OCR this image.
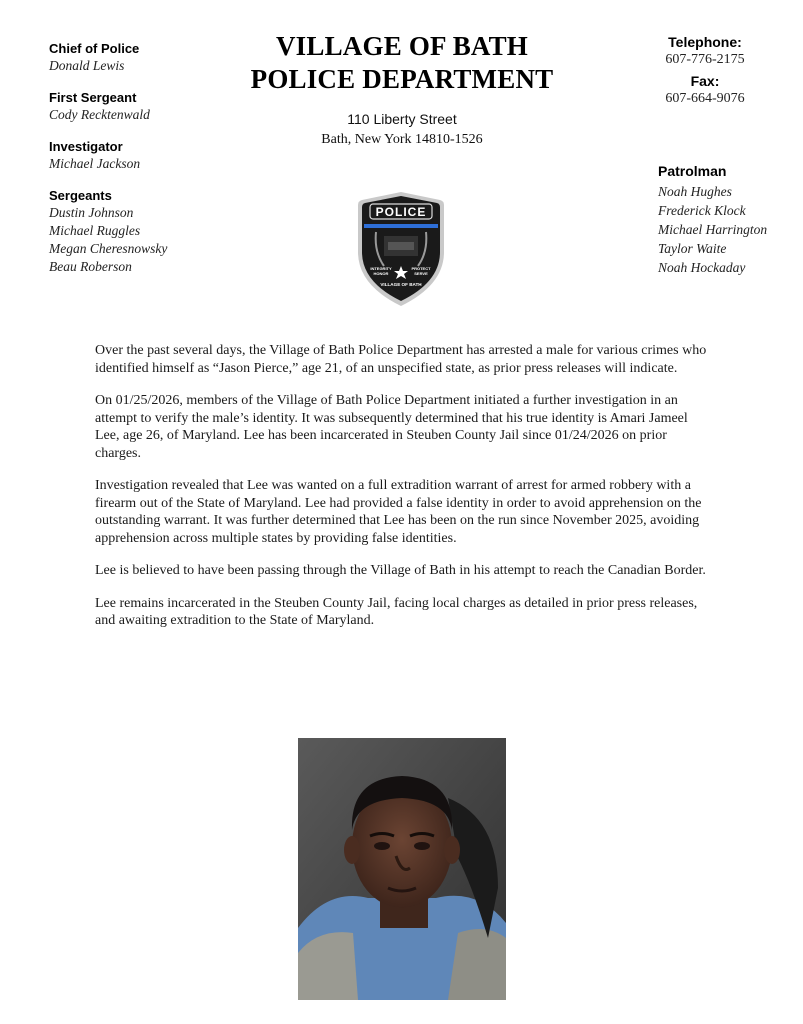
Chief of Police
Donald Lewis
First Sergeant
Cody Recktenwald
Investigator
Michael Jackson
Sergeants
Dustin Johnson
Michael Ruggles
Megan Cheresnowsky
Beau Roberson
VILLAGE OF BATH
POLICE DEPARTMENT
110 Liberty Street
Bath, New York 14810-1526
Telephone:
607-776-2175
Fax:
607-664-9076
Patrolman
Noah Hughes
Frederick Klock
Michael Harrington
Taylor Waite
Noah Hockaday
POLICE
INTEGRITY
HONOR
PROTECT
SERVE
VILLAGE OF BATH

Over the past several days, the Village of Bath Police Department has arrested a male for various crimes who identified himself as “Jason Pierce,” age 21, of an unspecified state, as prior press releases will indicate.

On 01/25/2026, members of the Village of Bath Police Department initiated a further investigation in an attempt to verify the male’s identity. It was subsequently determined that his true identity is Amari Jameel Lee, age 26, of Maryland. Lee has been incarcerated in Steuben County Jail since 01/24/2026 on prior charges.

Investigation revealed that Lee was wanted on a full extradition warrant of arrest for armed robbery with a firearm out of the State of Maryland. Lee had provided a false identity in order to avoid apprehension on the outstanding warrant. It was further determined that Lee has been on the run since November 2025, avoiding apprehension across multiple states by providing false identities.

Lee is believed to have been passing through the Village of Bath in his attempt to reach the Canadian Border.

Lee remains incarcerated in the Steuben County Jail, facing local charges as detailed in prior press releases, and awaiting extradition to the State of Maryland.
